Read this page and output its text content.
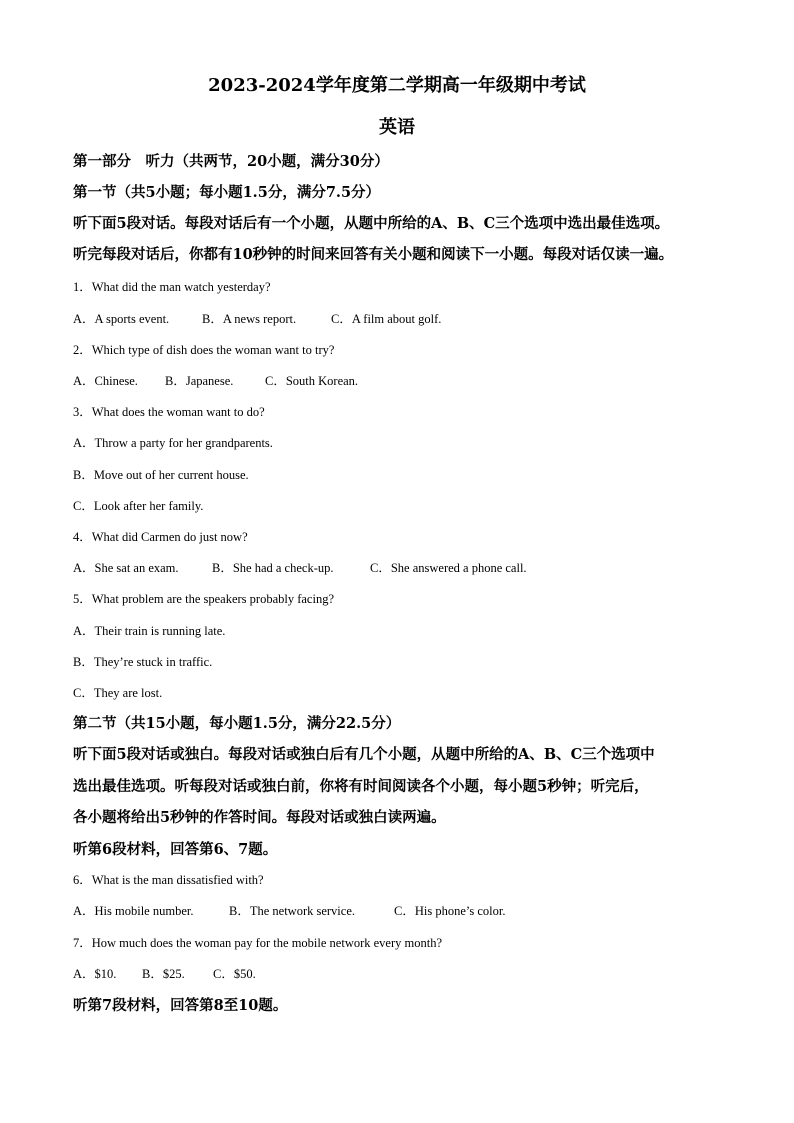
2023-2024学年度第二学期高一年级期中考试
英语
第一部分　听力（共两节，20小题，满分30分）
第一节（共5小题；每小题1.5分，满分7.5分）
听下面5段对话。每段对话后有一个小题，从题中所给的A、B、C三个选项中选出最佳选项。
听完每段对话后，你都有10秒钟的时间来回答有关小题和阅读下一小题。每段对话仅读一遍。
1．What did the man watch yesterday?
A．A sports event.	B．A news report.	C．A film about golf.
2．Which type of dish does the woman want to try?
A．Chinese. B．Japanese.	C．South Korean.
3．What does the woman want to do?
A．Throw a party for her grandparents.
B．Move out of her current house.
C．Look after her family.
4．What did Carmen do just now?
A．She sat an exam.	B．She had a check-up.	C．She answered a phone call.
5．What problem are the speakers probably facing?
A．Their train is running late.
B．They’re stuck in traffic.
C．They are lost.
第二节（共15小题，每小题1.5分，满分22.5分）
听下面5段对话或独白。每段对话或独白后有几个小题，从题中所给的A、B、C三个选项中
选出最佳选项。听每段对话或独白前，你将有时间阅读各个小题，每小题5秒钟；听完后，
各小题将给出5秒钟的作答时间。每段对话或独白读两遍。
听第6段材料，回答第6、7题。
6．What is the man dissatisfied with?
A．His mobile number.	B．The network service.	C．His phone’s color.
7．How much does the woman pay for the mobile network every month?
A．$10. B．$25. C．$50.
听第7段材料，回答第8至10题。
